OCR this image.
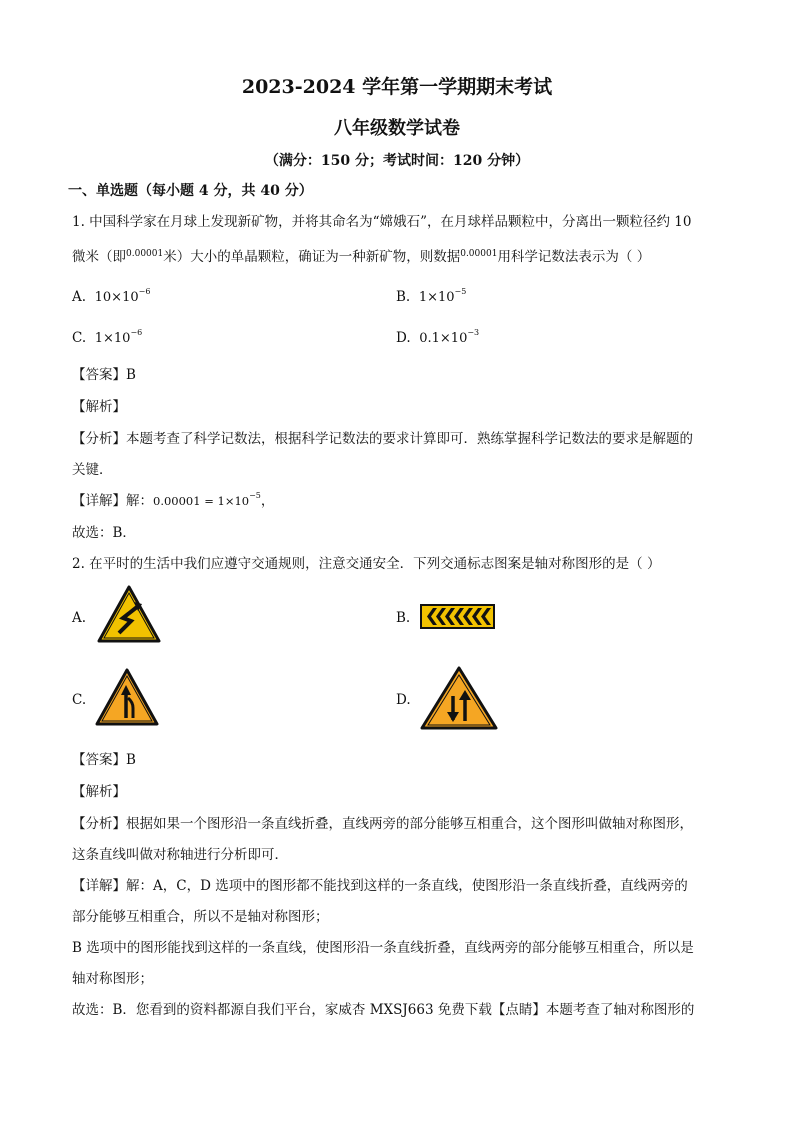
2023-2024 学年第一学期期末考试
八年级数学试卷
（满分：150 分；考试时间：120 分钟）
一、单选题（每小题 4 分，共 40 分）
1. 中国科学家在月球上发现新矿物，并将其命名为“嫦娥石”，在月球样品颗粒中，分离出一颗粒径约 10
微米（即$^{0.00001}$米）大小的单晶颗粒，确证为一种新矿物，则数据$^{0.00001}$用科学记数法表示为（ ）
A. $10\times 10^{-6}$	B. $1\times 10^{-5}$
C. $1\times 10^{-6}$	D. $0.1\times 10^{-3}$
【答案】B
【解析】
【分析】本题考查了科学记数法，根据科学记数法的要求计算即可．熟练掌握科学记数法的要求是解题的
关键．
【详解】解：$0.00001 = 1\times 10^{-5}$，
故选：B．
2. 在平时的生活中我们应遵守交通规则，注意交通安全．下列交通标志图案是轴对称图形的是（ ）
A.	B.
C.	D.
【答案】B
【解析】
【分析】根据如果一个图形沿一条直线折叠，直线两旁的部分能够互相重合，这个图形叫做轴对称图形，
这条直线叫做对称轴进行分析即可．
【详解】解：A，C，D 选项中的图形都不能找到这样的一条直线，使图形沿一条直线折叠，直线两旁的
部分能够互相重合，所以不是轴对称图形；
B 选项中的图形能找到这样的一条直线，使图形沿一条直线折叠，直线两旁的部分能够互相重合，所以是
轴对称图形；
故选：B．您看到的资料都源自我们平台，家威杏 MXSJ663 免费下载【点睛】本题考查了轴对称图形的
